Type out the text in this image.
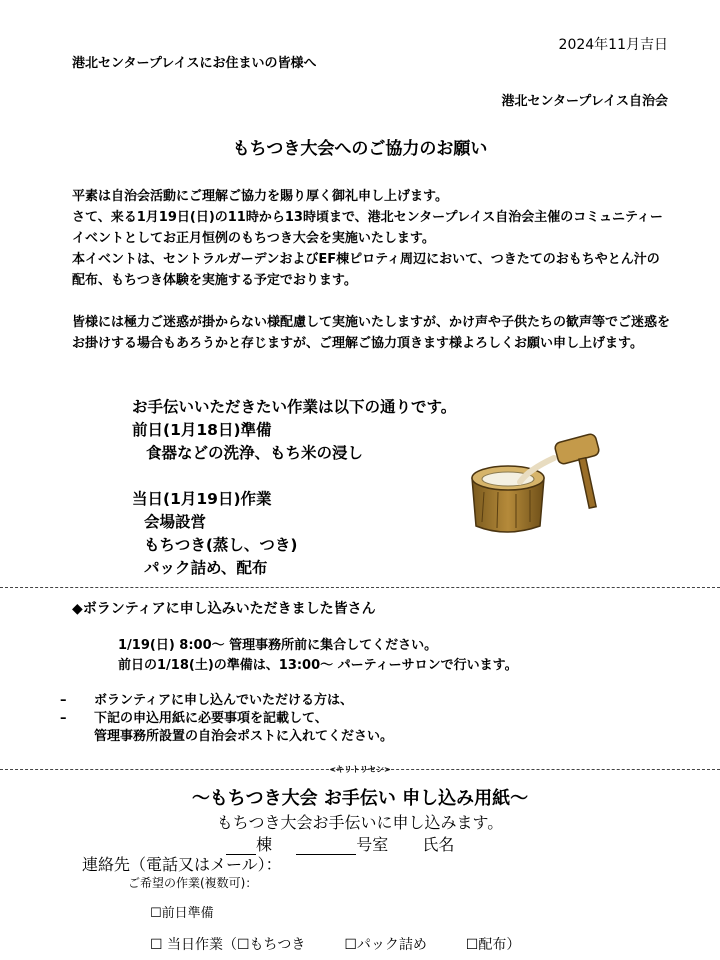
2024年11月吉日
港北センタープレイスにお住まいの皆様へ
港北センタープレイス自治会
もちつき大会へのご協力のお願い
平素は自治会活動にご理解ご協力を賜り厚く御礼申し上げます。
さて、来る1月19日(日)の11時から13時頃まで、港北センタープレイス自治会主催のコミュニティーイベントとしてお正月恒例のもちつき大会を実施いたします。
本イベントは、セントラルガーデンおよびEF棟ピロティ周辺において、つきたてのおもちやとん汁の配布、もちつき体験を実施する予定でおります。
皆様には極力ご迷惑が掛からない様配慮して実施いたしますが、かけ声や子供たちの歓声等でご迷惑をお掛けする場合もあろうかと存じますが、ご理解ご協力頂きます様よろしくお願い申し上げます。
お手伝いいただきたい作業は以下の通りです。
前日(1月18日)準備
食器などの洗浄、もち米の浸し
当日(1月19日)作業
会場設営
もちつき(蒸し、つき)
パック詰め、配布
◆ボランティアに申し込みいただきました皆さん
1/19(日) 8:00～ 管理事務所前に集合してください。
前日の1/18(土)の準備は、13:00～ パーティーサロンで行います。
–	ボランティアに申し込んでいただける方は、
–	下記の申込用紙に必要事項を記載して、
管理事務所設置の自治会ポストに入れてください。
<キリトリセン>
～もちつき大会 お手伝い 申し込み用紙～
もちつき大会お手伝いに申し込みます。
棟	号室 氏名
連絡先（電話又はメール）：
ご希望の作業(複数可)：
☐前日準備
☐ 当日作業（☐もちつき	☐パック詰め	☐配布）
